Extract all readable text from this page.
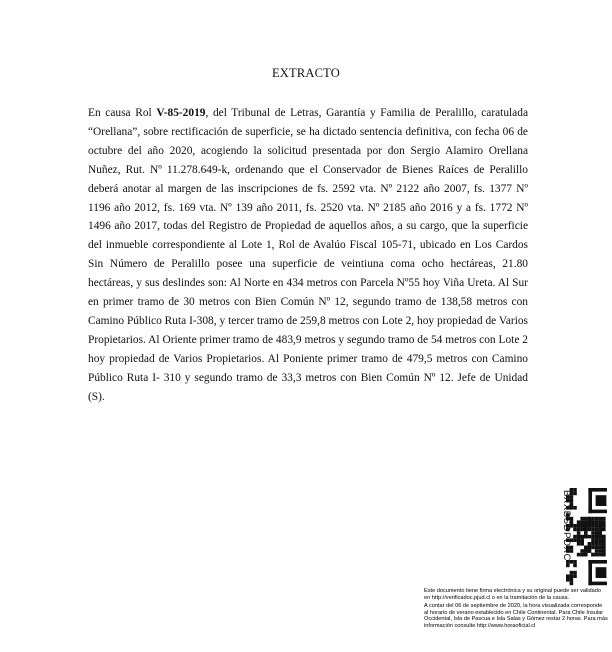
EXTRACTO
En causa Rol V-85-2019, del Tribunal de Letras, Garantía y Familia de Peralillo, caratulada “Orellana”, sobre rectificación de superficie, se ha dictado sentencia definitiva, con fecha 06 de octubre del año 2020, acogiendo la solicitud presentada por don Sergio Alamiro Orellana Nuñez, Rut. Nº 11.278.649-k, ordenando que el Conservador de Bienes Raíces de Peralillo deberá anotar al margen de las inscripciones de fs. 2592 vta. Nº 2122 año 2007, fs. 1377 Nº 1196 año 2012, fs. 169 vta. Nº 139 año 2011, fs. 2520 vta. Nº 2185 año 2016 y a fs. 1772 Nº 1496 año 2017, todas del Registro de Propiedad de aquellos años, a su cargo, que la superficie del inmueble correspondiente al Lote 1, Rol de Avalúo Fiscal 105-71, ubicado en Los Cardos Sin Número de Peralillo posee una superficie de veintiuna coma ocho hectáreas, 21.80 hectáreas, y sus deslindes son: Al Norte en 434 metros con Parcela Nº55 hoy Viña Ureta. Al Sur en primer tramo de 30 metros con Bien Común Nº 12, segundo tramo de 138,58 metros con Camino Público Ruta I-308, y tercer tramo de 259,8 metros con Lote 2, hoy propiedad de Varios Propietarios. Al Oriente primer tramo de 483,9 metros y segundo tramo de 54 metros con Lote 2 hoy propiedad de Varios Propietarios. Al Poniente primer tramo de 479,5 metros con Camino Público Ruta I- 310 y segundo tramo de 33,3 metros con Bien Común Nº 12. Jefe de Unidad (S).
BXXBSDPDXC

Este documento tiene firma electrónica y su original puede ser validado en http://verificadoc.pjud.cl o en la tramitación de la causa.

A contar del 06 de septiembre de 2020, la hora visualizada corresponde al horario de verano establecido en Chile Continental. Para Chile Insular Occidental, Isla de Pascua e Isla Salas y Gómez restar 2 horas. Para más información consulte http://www.horaoficial.cl
